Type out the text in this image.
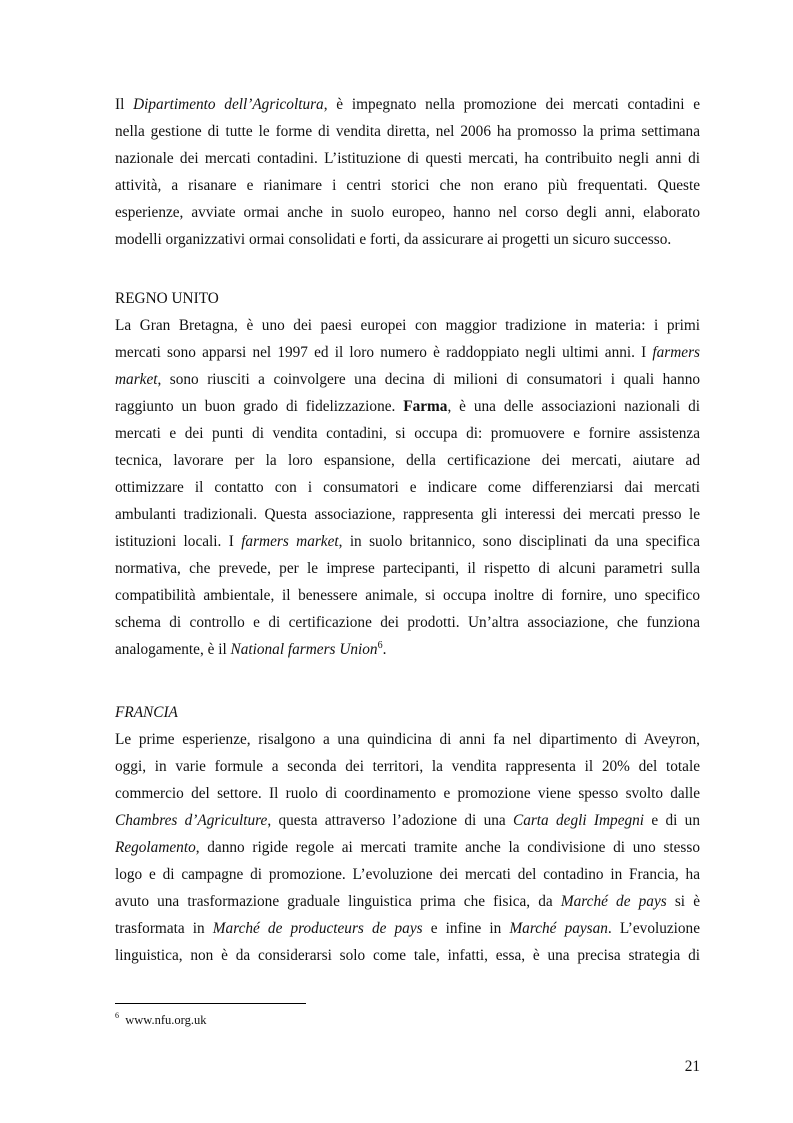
Il Dipartimento dell’Agricoltura, è impegnato nella promozione dei mercati contadini e
nella gestione di tutte le forme di vendita diretta, nel 2006 ha promosso la prima settimana
nazionale dei mercati contadini. L’istituzione di questi mercati, ha contribuito negli anni di
attività, a risanare e rianimare i centri storici che non erano più frequentati. Queste
esperienze, avviate ormai anche in suolo europeo, hanno nel corso degli anni, elaborato
modelli organizzativi ormai consolidati e forti, da assicurare ai progetti un sicuro successo.
REGNO UNITO
La Gran Bretagna, è uno dei paesi europei con maggior tradizione in materia: i primi
mercati sono apparsi nel 1997 ed il loro numero è raddoppiato negli ultimi anni. I farmers
market, sono riusciti a coinvolgere una decina di milioni di consumatori i quali hanno
raggiunto un buon grado di fidelizzazione. Farma, è una delle associazioni nazionali di
mercati e dei punti di vendita contadini, si occupa di: promuovere e fornire assistenza
tecnica, lavorare per la loro espansione, della certificazione dei mercati, aiutare ad
ottimizzare il contatto con i consumatori e indicare come differenziarsi dai mercati
ambulanti tradizionali. Questa associazione, rappresenta gli interessi dei mercati presso le
istituzioni locali. I farmers market, in suolo britannico, sono disciplinati da una specifica
normativa, che prevede, per le imprese partecipanti, il rispetto di alcuni parametri sulla
compatibilità ambientale, il benessere animale, si occupa inoltre di fornire, uno specifico
schema di controllo e di certificazione dei prodotti. Un’altra associazione, che funziona
analogamente, è il National farmers Union$^6$.
FRANCIA
Le prime esperienze, risalgono a una quindicina di anni fa nel dipartimento di Aveyron,
oggi, in varie formule a seconda dei territori, la vendita rappresenta il 20% del totale
commercio del settore. Il ruolo di coordinamento e promozione viene spesso svolto dalle
Chambres d’Agriculture, questa attraverso l’adozione di una Carta degli Impegni e di un
Regolamento, danno rigide regole ai mercati tramite anche la condivisione di uno stesso
logo e di campagne di promozione. L’evoluzione dei mercati del contadino in Francia, ha
avuto una trasformazione graduale linguistica prima che fisica, da Marché de pays si è
trasformata in Marché de producteurs de pays e infine in Marché paysan. L’evoluzione
linguistica, non è da considerarsi solo come tale, infatti, essa, è una precisa strategia di
$^6$ www.nfu.org.uk
21
